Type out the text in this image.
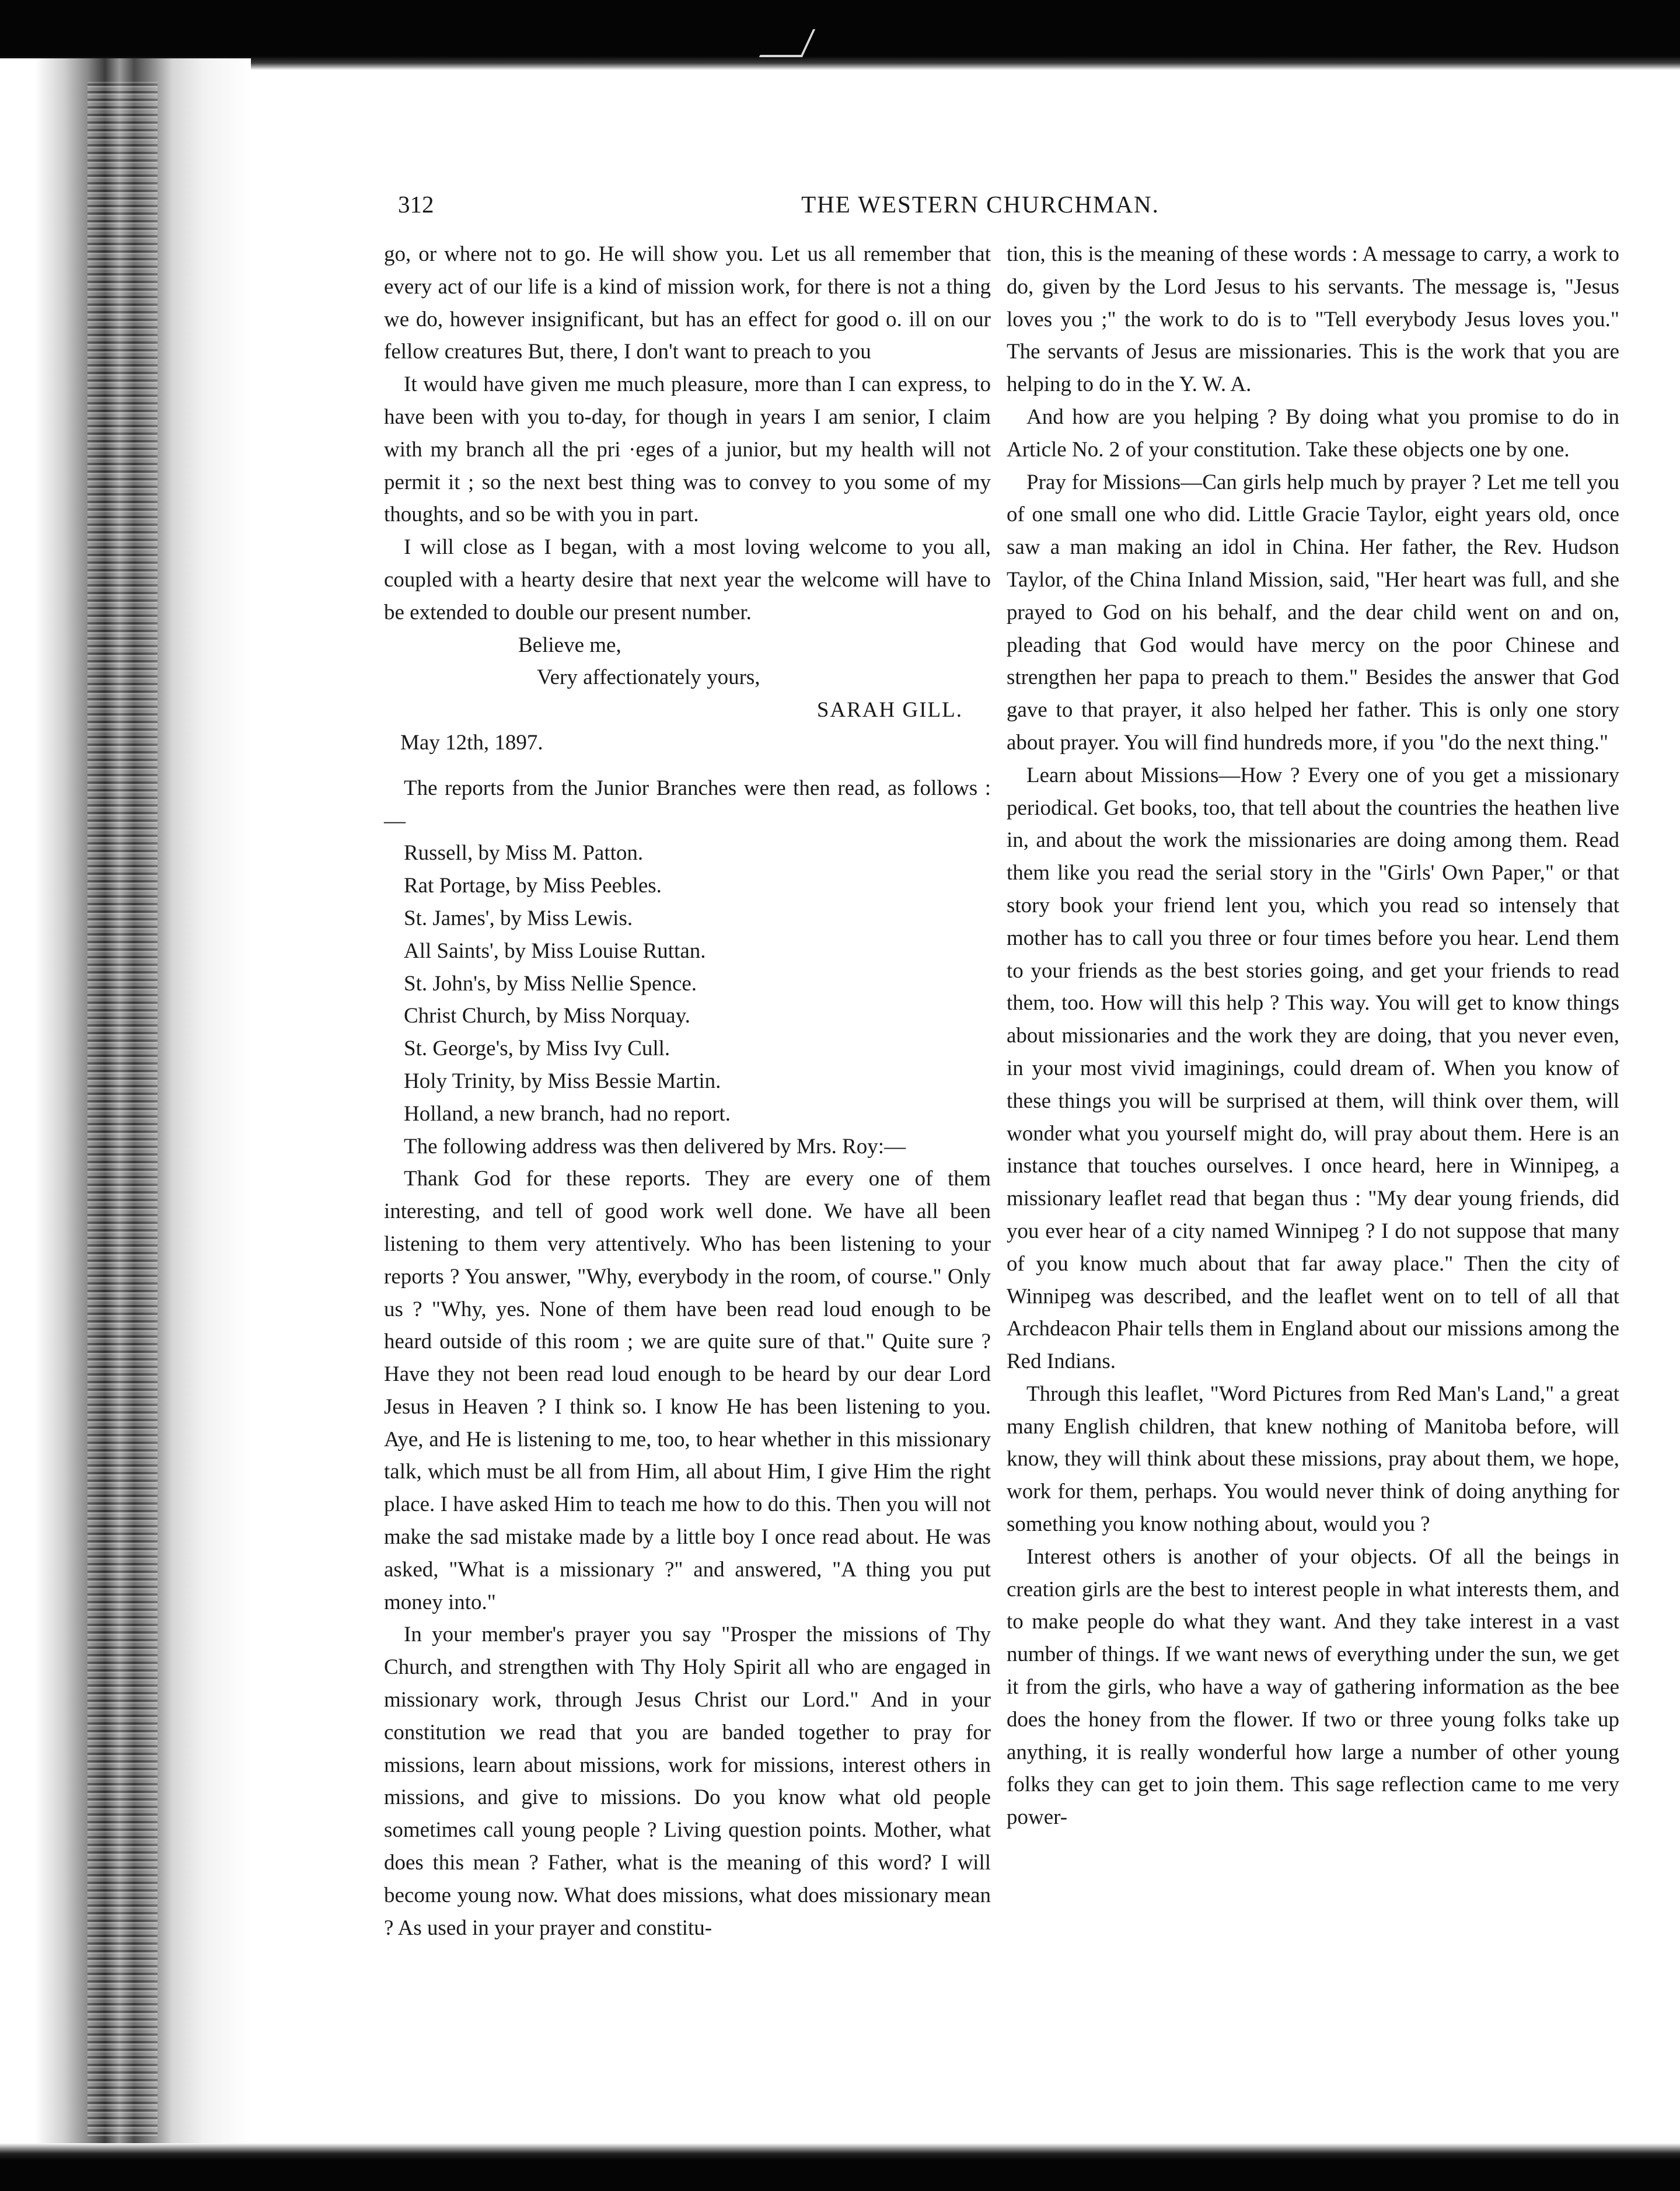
312	THE WESTERN CHURCHMAN.

go, or where not to go. He will show you. Let us all remember that every act of our life is a kind of mission work, for there is not a thing we do, however insignificant, but has an effect for good o. ill on our fellow creatures But, there, I don't want to preach to you

It would have given me much pleasure, more than I can express, to have been with you to-day, for though in years I am senior, I claim with my branch all the pri ·eges of a junior, but my health will not permit it ; so the next best thing was to convey to you some of my thoughts, and so be with you in part.

I will close as I began, with a most loving welcome to you all, coupled with a hearty desire that next year the welcome will have to be extended to double our present number.

Believe me,
Very affectionately yours,
SARAH GILL.
May 12th, 1897.

The reports from the Junior Branches were then read, as follows :—

Russell, by Miss M. Patton.
Rat Portage, by Miss Peebles.
St. James', by Miss Lewis.
All Saints', by Miss Louise Ruttan.
St. John's, by Miss Nellie Spence.
Christ Church, by Miss Norquay.
St. George's, by Miss Ivy Cull.
Holy Trinity, by Miss Bessie Martin.
Holland, a new branch, had no report.

The following address was then delivered by Mrs. Roy:—

Thank God for these reports. They are every one of them interesting, and tell of good work well done. We have all been listening to them very attentively. Who has been listening to your reports ? You answer, "Why, everybody in the room, of course." Only us ? "Why, yes. None of them have been read loud enough to be heard outside of this room ; we are quite sure of that." Quite sure ? Have they not been read loud enough to be heard by our dear Lord Jesus in Heaven ? I think so. I know He has been listening to you. Aye, and He is listening to me, too, to hear whether in this missionary talk, which must be all from Him, all about Him, I give Him the right place. I have asked Him to teach me how to do this. Then you will not make the sad mistake made by a little boy I once read about. He was asked, "What is a missionary ?" and answered, "A thing you put money into."

In your member's prayer you say "Prosper the missions of Thy Church, and strengthen with Thy Holy Spirit all who are engaged in missionary work, through Jesus Christ our Lord." And in your constitution we read that you are banded together to pray for missions, learn about missions, work for missions, interest others in missions, and give to missions. Do you know what old people sometimes call young people ? Living question points. Mother, what does this mean ? Father, what is the meaning of this word? I will become young now. What does missions, what does missionary mean ? As used in your prayer and constitu-

tion, this is the meaning of these words : A message to carry, a work to do, given by the Lord Jesus to his servants. The message is, "Jesus loves you ;" the work to do is to "Tell everybody Jesus loves you." The servants of Jesus are missionaries. This is the work that you are helping to do in the Y. W. A.

And how are you helping ? By doing what you promise to do in Article No. 2 of your constitution. Take these objects one by one.

Pray for Missions—Can girls help much by prayer ? Let me tell you of one small one who did. Little Gracie Taylor, eight years old, once saw a man making an idol in China. Her father, the Rev. Hudson Taylor, of the China Inland Mission, said, "Her heart was full, and she prayed to God on his behalf, and the dear child went on and on, pleading that God would have mercy on the poor Chinese and strengthen her papa to preach to them." Besides the answer that God gave to that prayer, it also helped her father. This is only one story about prayer. You will find hundreds more, if you "do the next thing."

Learn about Missions—How ? Every one of you get a missionary periodical. Get books, too, that tell about the countries the heathen live in, and about the work the missionaries are doing among them. Read them like you read the serial story in the "Girls' Own Paper," or that story book your friend lent you, which you read so intensely that mother has to call you three or four times before you hear. Lend them to your friends as the best stories going, and get your friends to read them, too. How will this help ? This way. You will get to know things about missionaries and the work they are doing, that you never even, in your most vivid imaginings, could dream of. When you know of these things you will be surprised at them, will think over them, will wonder what you yourself might do, will pray about them. Here is an instance that touches ourselves. I once heard, here in Winnipeg, a missionary leaflet read that began thus : "My dear young friends, did you ever hear of a city named Winnipeg ? I do not suppose that many of you know much about that far away place." Then the city of Winnipeg was described, and the leaflet went on to tell of all that Archdeacon Phair tells them in England about our missions among the Red Indians.

Through this leaflet, "Word Pictures from Red Man's Land," a great many English children, that knew nothing of Manitoba before, will know, they will think about these missions, pray about them, we hope, work for them, perhaps. You would never think of doing anything for something you know nothing about, would you ?

Interest others is another of your objects. Of all the beings in creation girls are the best to interest people in what interests them, and to make people do what they want. And they take interest in a vast number of things. If we want news of everything under the sun, we get it from the girls, who have a way of gathering information as the bee does the honey from the flower. If two or three young folks take up anything, it is really wonderful how large a number of other young folks they can get to join them. This sage reflection came to me very power-
